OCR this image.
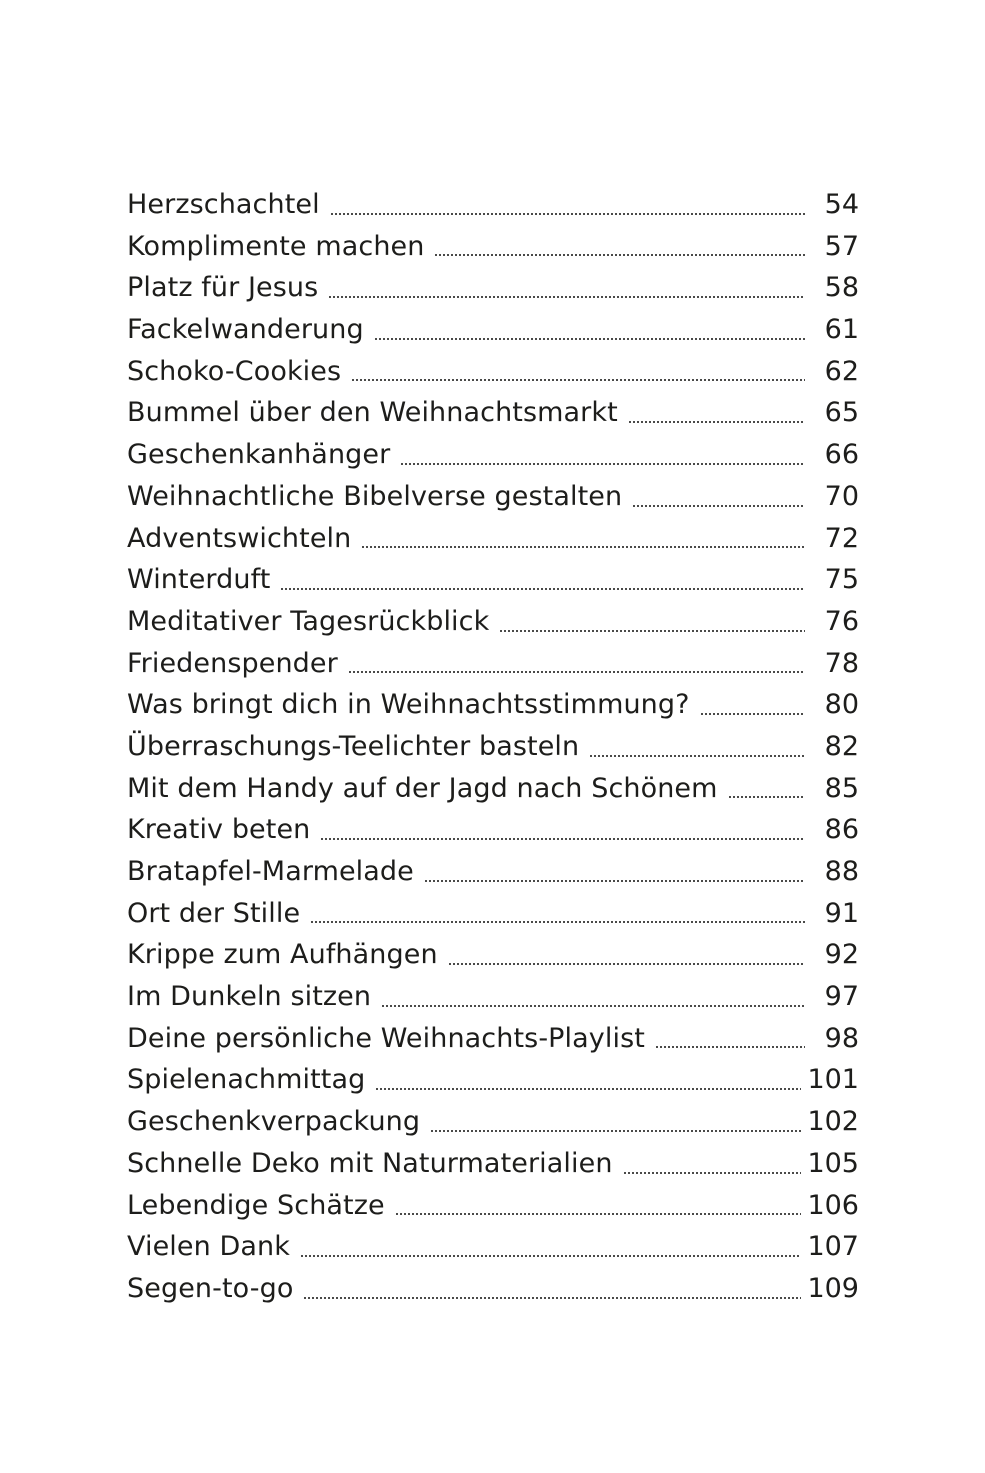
Herzschachtel	54
Komplimente machen	57
Platz für Jesus	58
Fackelwanderung	61
Schoko-Cookies	62
Bummel über den Weihnachtsmarkt	65
Geschenkanhänger	66
Weihnachtliche Bibelverse gestalten	70
Adventswichteln	72
Winterduft	75
Meditativer Tagesrückblick	76
Friedenspender	78
Was bringt dich in Weihnachtsstimmung?	80
Überraschungs-Teelichter basteln	82
Mit dem Handy auf der Jagd nach Schönem	85
Kreativ beten	86
Bratapfel-Marmelade	88
Ort der Stille	91
Krippe zum Aufhängen	92
Im Dunkeln sitzen	97
Deine persönliche Weihnachts-Playlist	98
Spielenachmittag	101
Geschenkverpackung	102
Schnelle Deko mit Naturmaterialien	105
Lebendige Schätze	106
Vielen Dank	107
Segen-to-go	109
